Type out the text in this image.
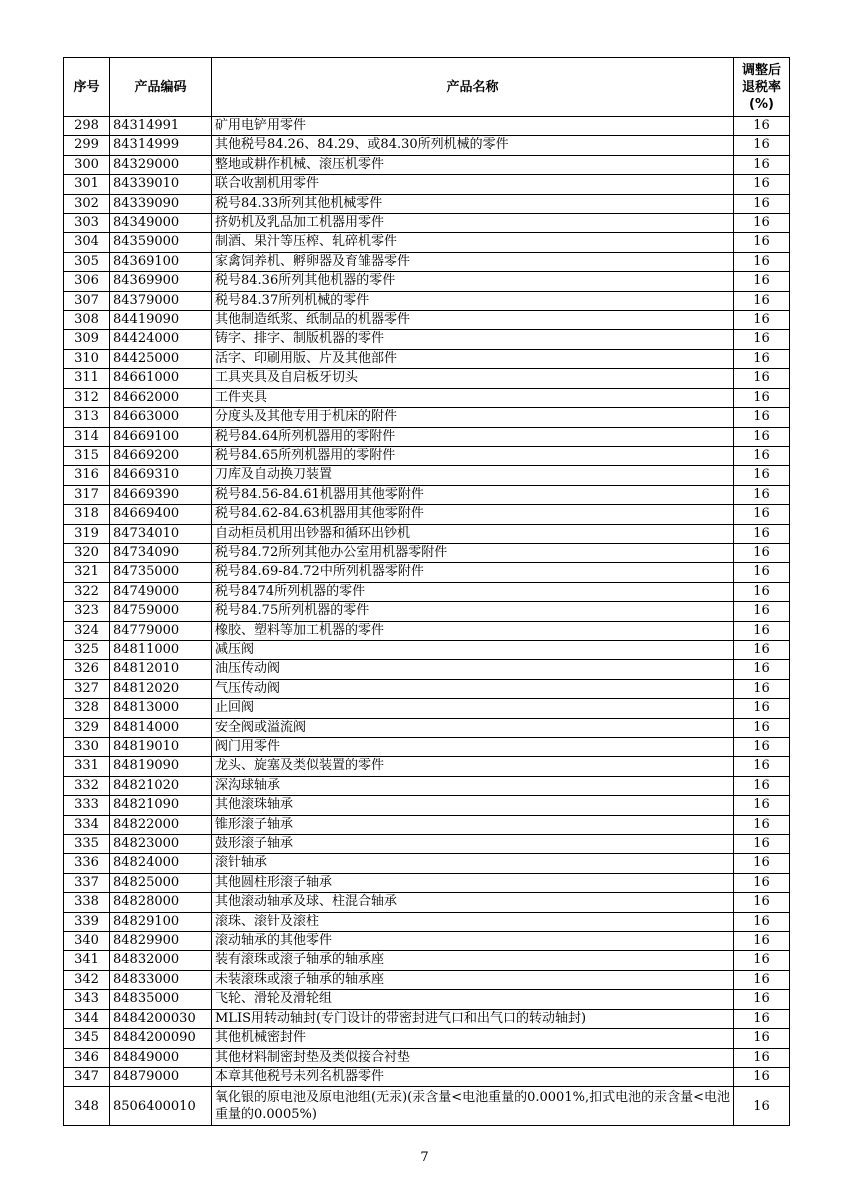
序号	产品编码	产品名称	调整后
退税率
(%)

298	84314991	矿用电铲用零件	16
299	84314999	其他税号84.26、84.29、或84.30所列机械的零件	16
300	84329000	整地或耕作机械、滚压机零件	16
301	84339010	联合收割机用零件	16
302	84339090	税号84.33所列其他机械零件	16
303	84349000	挤奶机及乳品加工机器用零件	16
304	84359000	制酒、果汁等压榨、轧碎机零件	16
305	84369100	家禽饲养机、孵卵器及育雏器零件	16
306	84369900	税号84.36所列其他机器的零件	16
307	84379000	税号84.37所列机械的零件	16
308	84419090	其他制造纸浆、纸制品的机器零件	16
309	84424000	铸字、排字、制版机器的零件	16
310	84425000	活字、印刷用版、片及其他部件	16
311	84661000	工具夹具及自启板牙切头	16
312	84662000	工件夹具	16
313	84663000	分度头及其他专用于机床的附件	16
314	84669100	税号84.64所列机器用的零附件	16
315	84669200	税号84.65所列机器用的零附件	16
316	84669310	刀库及自动换刀装置	16
317	84669390	税号84.56-84.61机器用其他零附件	16
318	84669400	税号84.62-84.63机器用其他零附件	16
319	84734010	自动柜员机用出钞器和循环出钞机	16
320	84734090	税号84.72所列其他办公室用机器零附件	16
321	84735000	税号84.69-84.72中所列机器零附件	16
322	84749000	税号8474所列机器的零件	16
323	84759000	税号84.75所列机器的零件	16
324	84779000	橡胶、塑料等加工机器的零件	16
325	84811000	减压阀	16
326	84812010	油压传动阀	16
327	84812020	气压传动阀	16
328	84813000	止回阀	16
329	84814000	安全阀或溢流阀	16
330	84819010	阀门用零件	16
331	84819090	龙头、旋塞及类似装置的零件	16
332	84821020	深沟球轴承	16
333	84821090	其他滚珠轴承	16
334	84822000	锥形滚子轴承	16
335	84823000	鼓形滚子轴承	16
336	84824000	滚针轴承	16
337	84825000	其他圆柱形滚子轴承	16
338	84828000	其他滚动轴承及球、柱混合轴承	16
339	84829100	滚珠、滚针及滚柱	16
340	84829900	滚动轴承的其他零件	16
341	84832000	装有滚珠或滚子轴承的轴承座	16
342	84833000	未装滚珠或滚子轴承的轴承座	16
343	84835000	飞轮、滑轮及滑轮组	16
344	8484200030	MLIS用转动轴封(专门设计的带密封进气口和出气口的转动轴封)	16
345	8484200090	其他机械密封件	16
346	84849000	其他材料制密封垫及类似接合衬垫	16
347	84879000	本章其他税号未列名机器零件	16
348	8506400010	氧化银的原电池及原电池组(无汞)(汞含量<电池重量的0.0001%,扣式电池的汞含量<电池重量的0.0005%)	16
7
